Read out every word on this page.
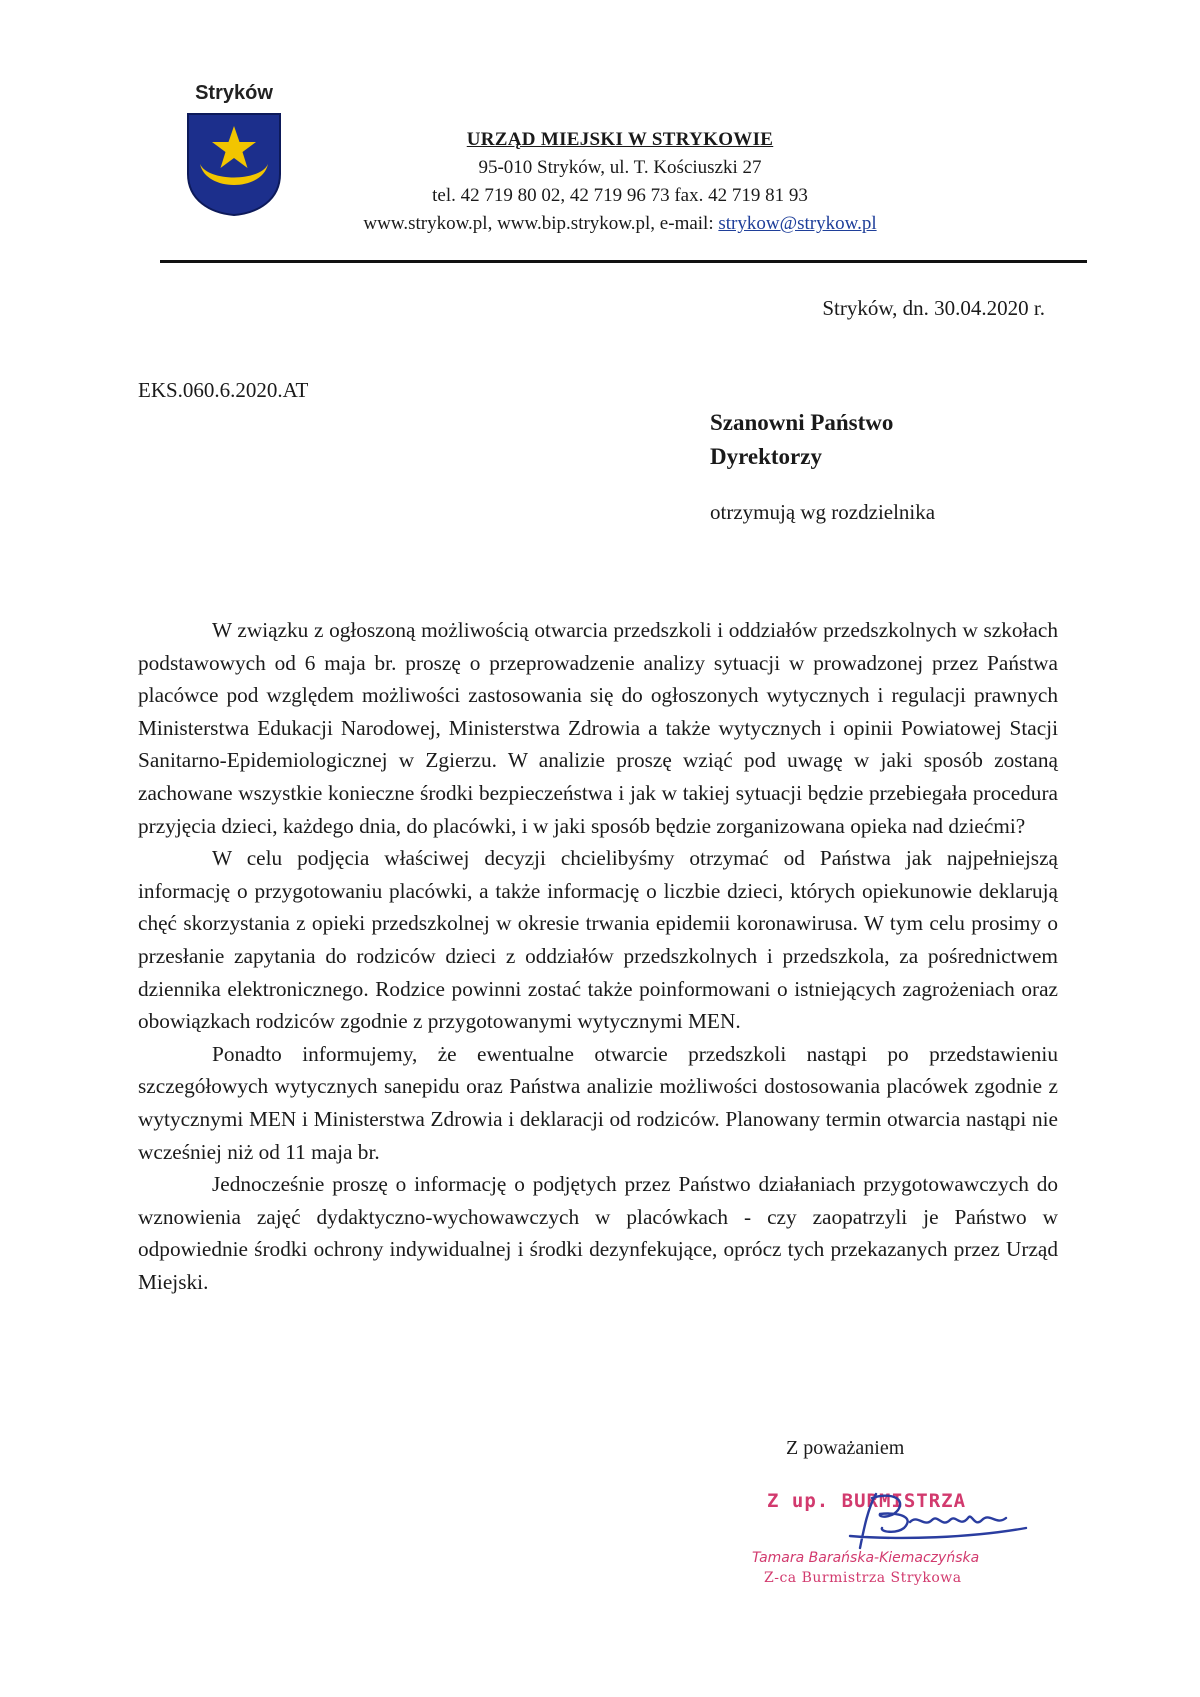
Stryków
URZĄD MIEJSKI W STRYKOWIE
95-010 Stryków, ul. T. Kościuszki 27
tel. 42 719 80 02, 42 719 96 73 fax. 42 719 81 93
www.strykow.pl, www.bip.strykow.pl, e-mail: strykow@strykow.pl
Stryków, dn. 30.04.2020 r.
EKS.060.6.2020.AT
Szanowni Państwo
Dyrektorzy
otrzymują wg rozdzielnika

W związku z ogłoszoną możliwością otwarcia przedszkoli i oddziałów przedszkolnych w szkołach podstawowych od 6 maja br. proszę o przeprowadzenie analizy sytuacji w prowadzonej przez Państwa placówce pod względem możliwości zastosowania się do ogłoszonych wytycznych i regulacji prawnych Ministerstwa Edukacji Narodowej, Ministerstwa Zdrowia a także wytycznych i opinii Powiatowej Stacji Sanitarno-Epidemiologicznej w Zgierzu. W analizie proszę wziąć pod uwagę w jaki sposób zostaną zachowane wszystkie konieczne środki bezpieczeństwa i jak w takiej sytuacji będzie przebiegała procedura przyjęcia dzieci, każdego dnia, do placówki, i w jaki sposób będzie zorganizowana opieka nad dziećmi?

W celu podjęcia właściwej decyzji chcielibyśmy otrzymać od Państwa jak najpełniejszą informację o przygotowaniu placówki, a także informację o liczbie dzieci, których opiekunowie deklarują chęć skorzystania z opieki przedszkolnej w okresie trwania epidemii koronawirusa. W tym celu prosimy o przesłanie zapytania do rodziców dzieci z oddziałów przedszkolnych i przedszkola, za pośrednictwem dziennika elektronicznego. Rodzice powinni zostać także poinformowani o istniejących zagrożeniach oraz obowiązkach rodziców zgodnie z przygotowanymi wytycznymi MEN.

Ponadto informujemy, że ewentualne otwarcie przedszkoli nastąpi po przedstawieniu szczegółowych wytycznych sanepidu oraz Państwa analizie możliwości dostosowania placówek zgodnie z wytycznymi MEN i Ministerstwa Zdrowia i deklaracji od rodziców. Planowany termin otwarcia nastąpi nie wcześniej niż od 11 maja br.

Jednocześnie proszę o informację o podjętych przez Państwo działaniach przygotowawczych do wznowienia zajęć dydaktyczno-wychowawczych w placówkach - czy zaopatrzyli je Państwo w odpowiednie środki ochrony indywidualnej i środki dezynfekujące, oprócz tych przekazanych przez Urząd Miejski.

Z poważaniem
Z up. BURMISTRZA
Tamara Barańska-Kiemaczyńska
Z-ca Burmistrza Strykowa
